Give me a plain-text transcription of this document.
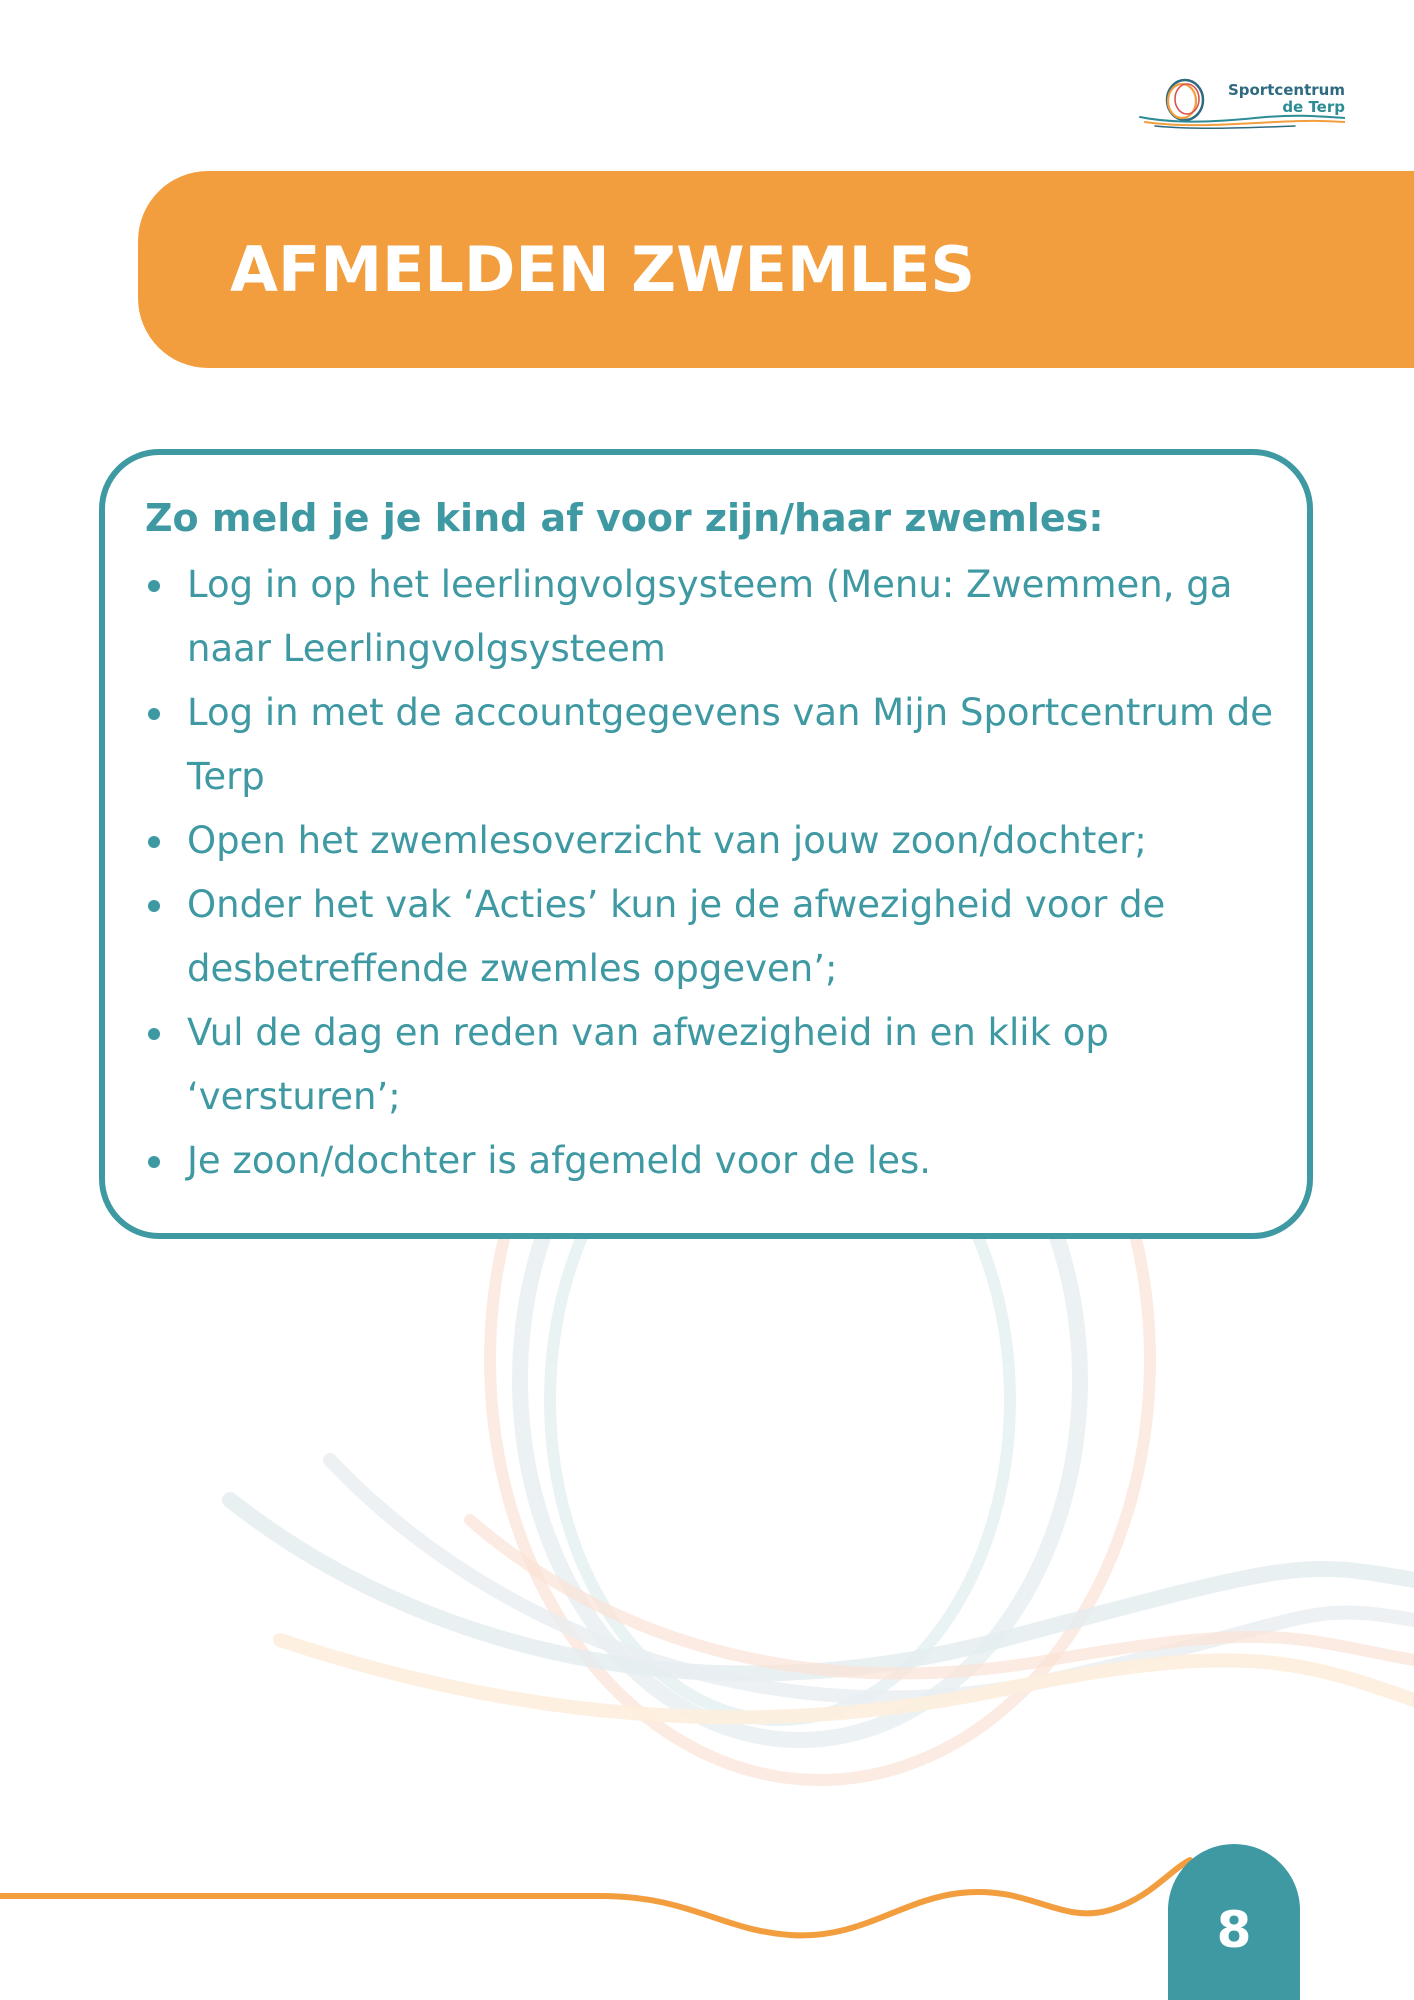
Sportcentrum
de Terp
AFMELDEN ZWEMLES
Zo meld je je kind af voor zijn/haar zwemles:
Log in op het leerlingvolgsysteem (Menu: Zwemmen, ga naar Leerlingvolgsysteem
Log in met de accountgegevens van Mijn Sportcentrum de Terp
Open het zwemlesoverzicht van jouw zoon/dochter;
Onder het vak ‘Acties’ kun je de afwezigheid voor de desbetreffende zwemles opgeven’;
Vul de dag en reden van afwezigheid in en klik op ‘versturen’;
Je zoon/dochter is afgemeld voor de les.
8
